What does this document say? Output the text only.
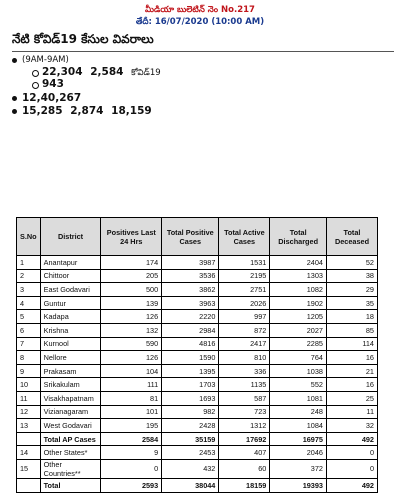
మీడియా బులెటిన్ నెం No.217
తేదీ: 16/07/2020 (10:00 AM)
నేటి కోవిడ్19 కేసుల వివరాలు
(9AM-9AM)
22,304 2,584 కోవిడ్19
943
12,40,267
15,285 2,874 18,159
S.No	District	Positives Last 24 Hrs	Total Positive Cases	Total Active Cases	Total Discharged	Total Deceased
1	Anantapur	174	3987	1531	2404	52
2	Chittoor	205	3536	2195	1303	38
3	East Godavari	500	3862	2751	1082	29
4	Guntur	139	3963	2026	1902	35
5	Kadapa	126	2220	997	1205	18
6	Krishna	132	2984	872	2027	85
7	Kurnool	590	4816	2417	2285	114
8	Nellore	126	1590	810	764	16
9	Prakasam	104	1395	336	1038	21
10	Srikakulam	111	1703	1135	552	16
11	Visakhapatnam	81	1693	587	1081	25
12	Vizianagaram	101	982	723	248	11
13	West Godavari	195	2428	1312	1084	32
	Total AP Cases	2584	35159	17692	16975	492
14	Other States*	9	2453	407	2046	0
15	Other Countries**	0	432	60	372	0
	Total	2593	38044	18159	19393	492
